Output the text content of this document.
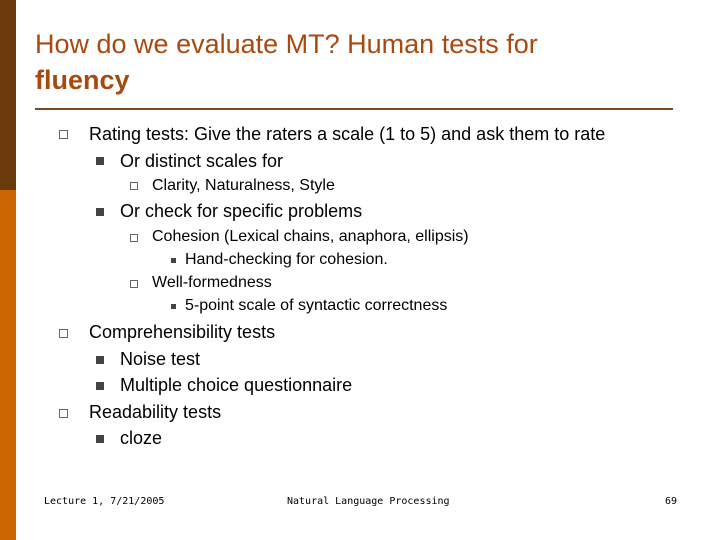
How do we evaluate MT? Human tests for
fluency
Rating tests: Give the raters a scale (1 to 5) and ask them to rate
Or distinct scales for
Clarity, Naturalness, Style
Or check for specific problems
Cohesion (Lexical chains, anaphora, ellipsis)
Hand-checking for cohesion.
Well-formedness
5-point scale of syntactic correctness
Comprehensibility tests
Noise test
Multiple choice questionnaire
Readability tests
cloze
Lecture 1, 7/21/2005	Natural Language Processing	69
